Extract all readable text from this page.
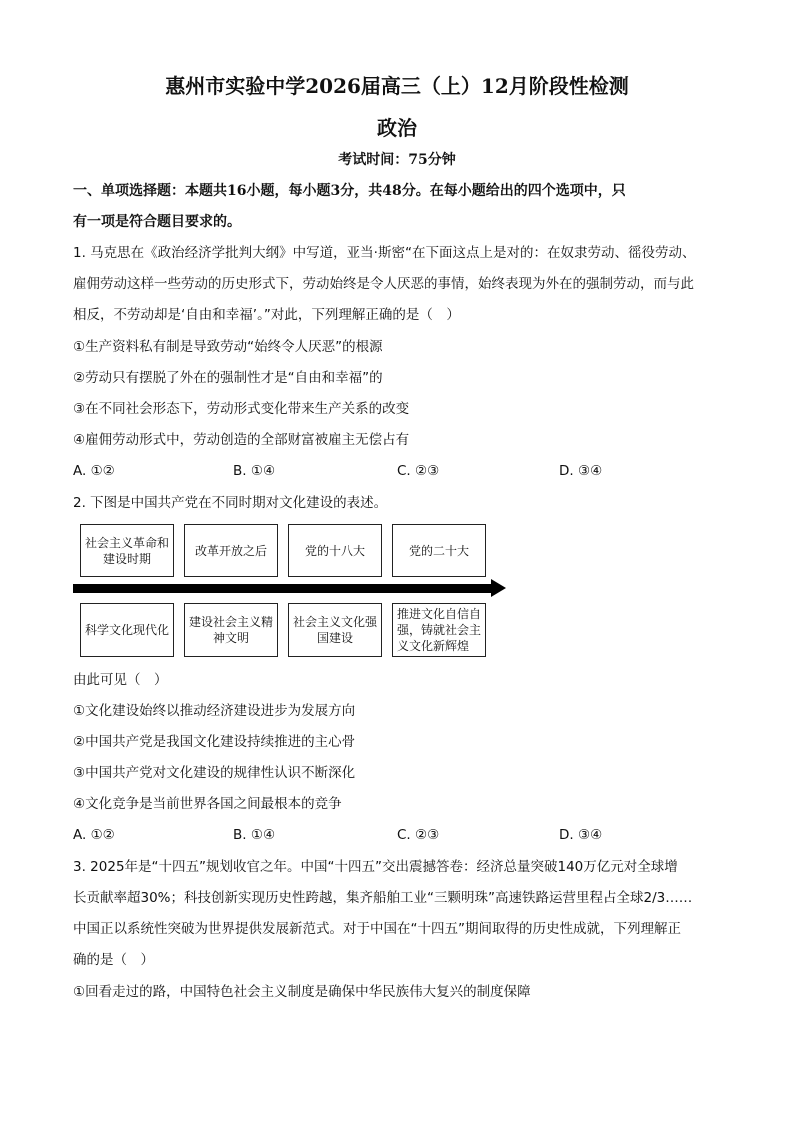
惠州市实验中学2026届高三（上）12月阶段性检测
政治
考试时间：75分钟
一、单项选择题：本题共16小题，每小题3分，共48分。在每小题给出的四个选项中，只
有一项是符合题目要求的。
1. 马克思在《政治经济学批判大纲》中写道，亚当·斯密“在下面这点上是对的：在奴隶劳动、徭役劳动、
雇佣劳动这样一些劳动的历史形式下，劳动始终是令人厌恶的事情，始终表现为外在的强制劳动，而与此
相反，不劳动却是‘自由和幸福’。”对此，下列理解正确的是（　）
①生产资料私有制是导致劳动“始终令人厌恶”的根源
②劳动只有摆脱了外在的强制性才是“自由和幸福”的
③在不同社会形态下，劳动形式变化带来生产关系的改变
④雇佣劳动形式中，劳动创造的全部财富被雇主无偿占有
A. ①②	B. ①④	C. ②③	D. ③④
2. 下图是中国共产党在不同时期对文化建设的表述。
社会主义革命和建设时期
改革开放之后	党的十八大	党的二十大
科学文化现代化
建设社会主义精神文明
社会主义文化强国建设
推进文化自信自强，铸就社会主义文化新辉煌
由此可见（　）
①文化建设始终以推动经济建设进步为发展方向
②中国共产党是我国文化建设持续推进的主心骨
③中国共产党对文化建设的规律性认识不断深化
④文化竞争是当前世界各国之间最根本的竞争
A. ①②	B. ①④	C. ②③	D. ③④
3. 2025年是“十四五”规划收官之年。中国“十四五”交出震撼答卷：经济总量突破140万亿元对全球增
长贡献率超30%；科技创新实现历史性跨越，集齐船舶工业“三颗明珠”高速铁路运营里程占全球2/3……
中国正以系统性突破为世界提供发展新范式。对于中国在“十四五”期间取得的历史性成就，下列理解正
确的是（　）
①回看走过的路，中国特色社会主义制度是确保中华民族伟大复兴的制度保障
